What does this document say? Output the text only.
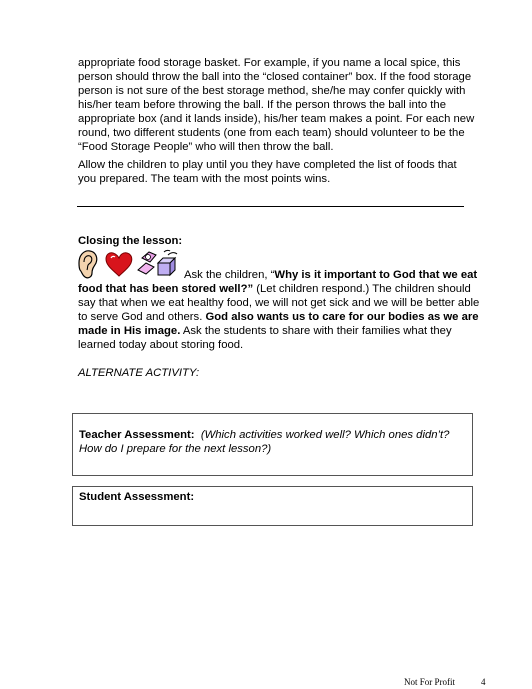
appropriate food storage basket. For example, if you name a local spice, this person should throw the ball into the “closed container” box. If the food storage person is not sure of the best storage method, she/he may confer quickly with his/her team before throwing the ball. If the person throws the ball into the appropriate box (and it lands inside), his/her team makes a point. For each new round, two different students (one from each team) should volunteer to be the “Food Storage People” who will then throw the ball.

Allow the children to play until you they have completed the list of foods that you prepared. The team with the most points wins.

Closing the lesson:

Ask the children, “Why is it important to God that we eat food that has been stored well?” (Let children respond.) The children should say that when we eat healthy food, we will not get sick and we will be better able to serve God and others. God also wants us to care for our bodies as we are made in His image. Ask the students to share with their families what they learned today about storing food.

ALTERNATE ACTIVITY:
Teacher Assessment: (Which activities worked well? Which ones didn’t? How do I prepare for the next lesson?)
Student Assessment:
Not For Profit	4
